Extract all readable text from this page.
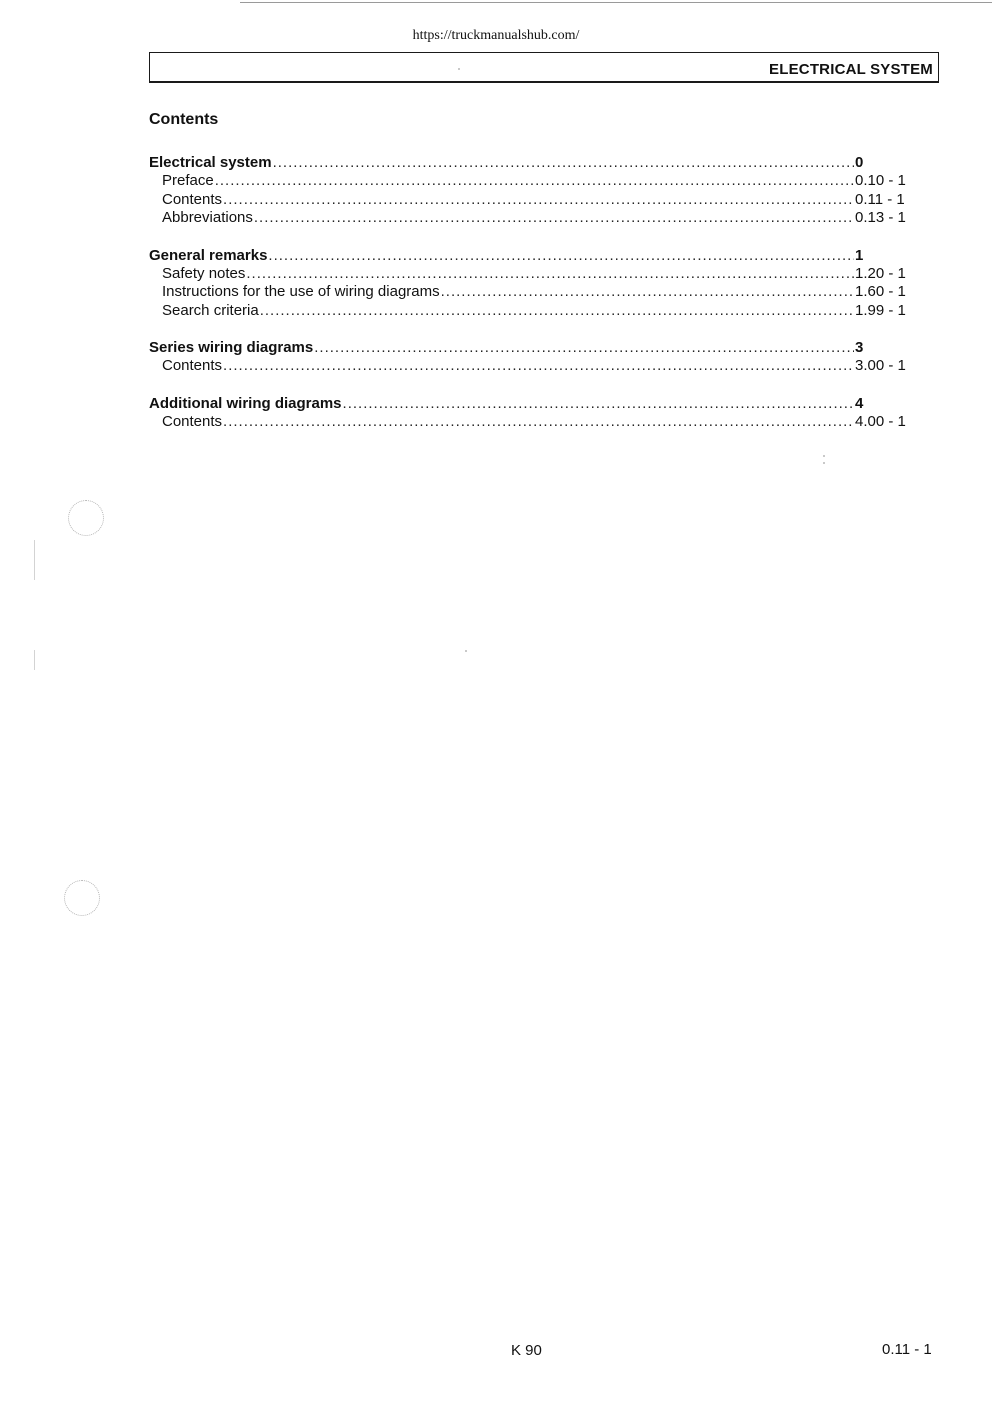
https://truckmanualshub.com/
ELECTRICAL SYSTEM
Contents
Electrical system .....	0
Preface .....	0.10 - 1
Contents .....	0.11 - 1
Abbreviations .....	0.13 - 1
General remarks .....	1
Safety notes .....	1.20 - 1
Instructions for the use of wiring diagrams .....	1.60 - 1
Search criteria .....	1.99 - 1
Series wiring diagrams .....	3
Contents .....	3.00 - 1
Additional wiring diagrams .....	4
Contents .....	4.00 - 1
K 90	0.11 - 1
